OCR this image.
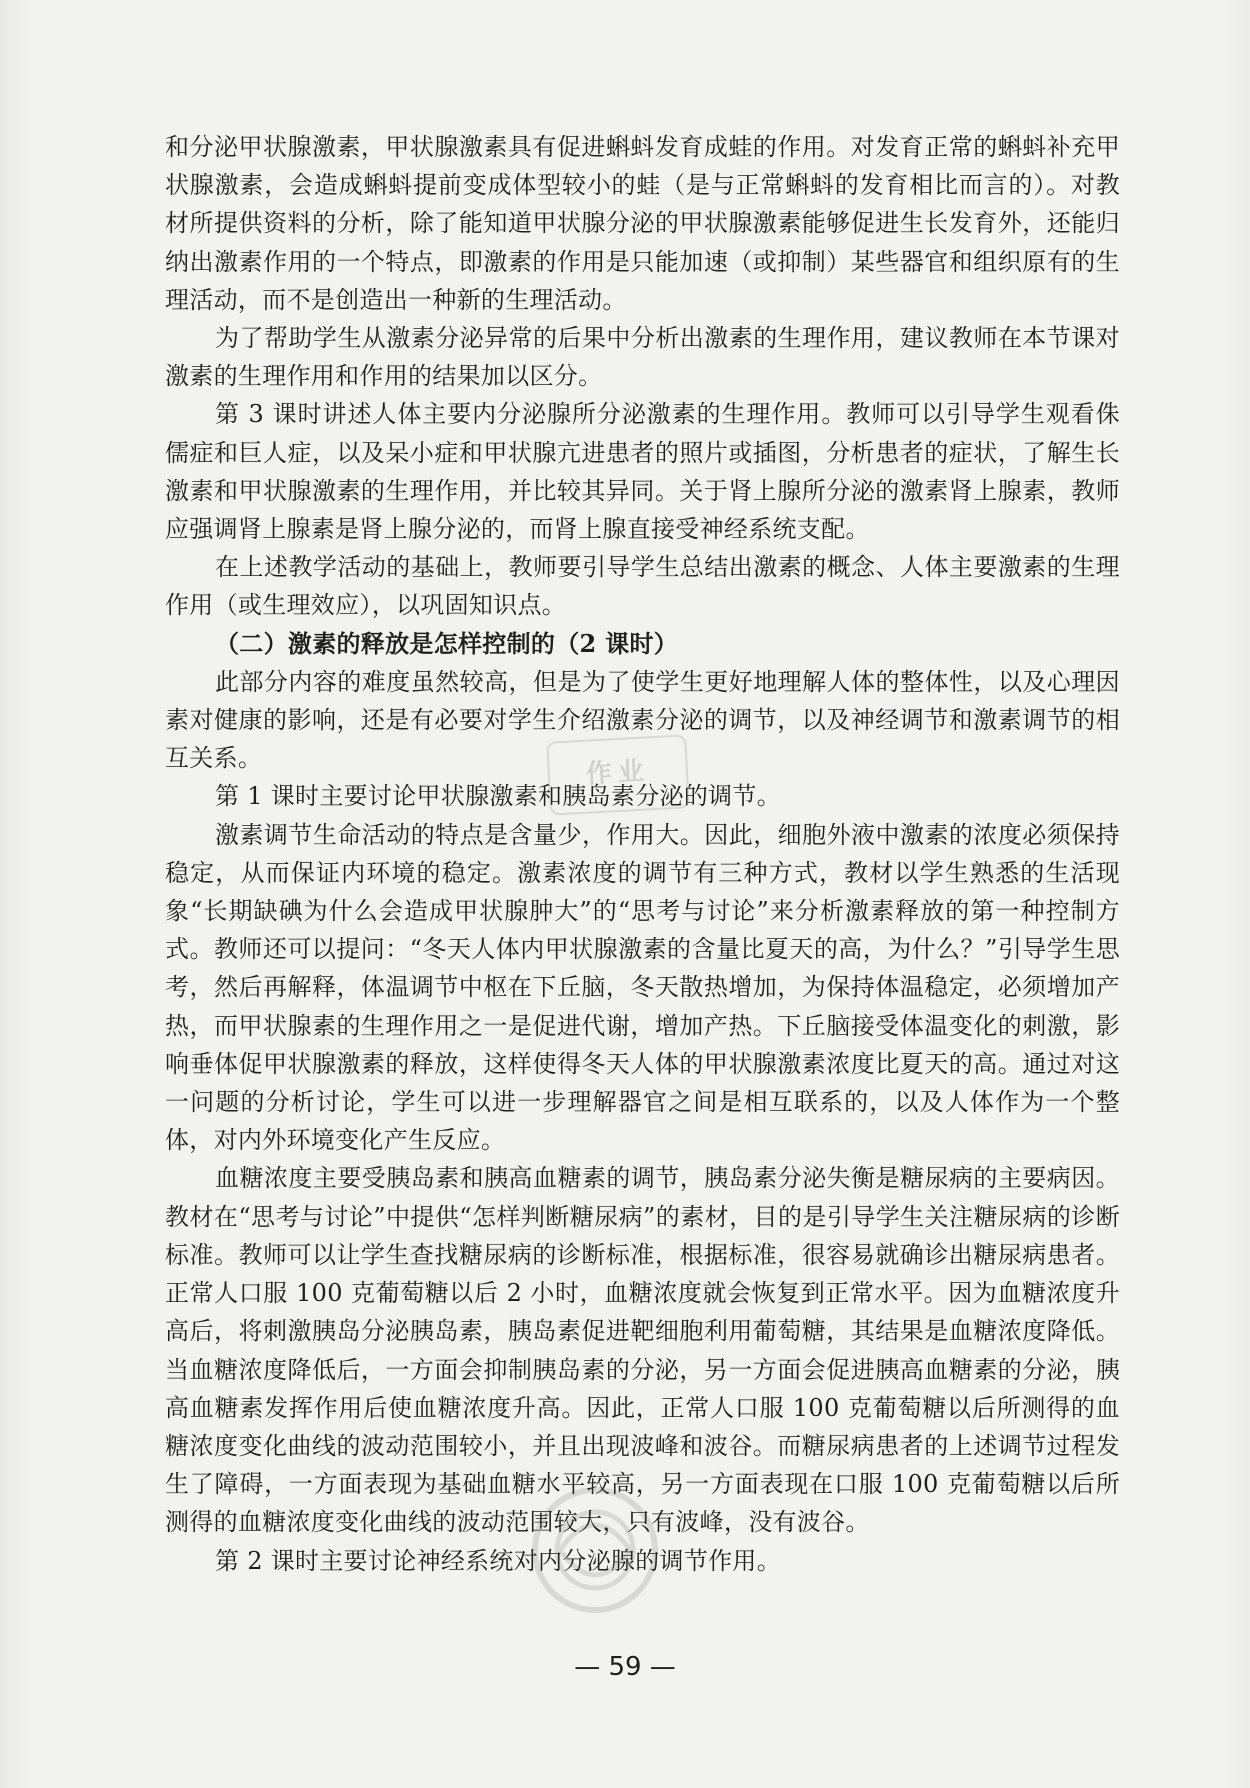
和分泌甲状腺激素，甲状腺激素具有促进蝌蚪发育成蛙的作用。对发育正常的蝌蚪补充甲状腺激素，会造成蝌蚪提前变成体型较小的蛙（是与正常蝌蚪的发育相比而言的）。对教材所提供资料的分析，除了能知道甲状腺分泌的甲状腺激素能够促进生长发育外，还能归纳出激素作用的一个特点，即激素的作用是只能加速（或抑制）某些器官和组织原有的生理活动，而不是创造出一种新的生理活动。

为了帮助学生从激素分泌异常的后果中分析出激素的生理作用，建议教师在本节课对激素的生理作用和作用的结果加以区分。

第 3 课时讲述人体主要内分泌腺所分泌激素的生理作用。教师可以引导学生观看侏儒症和巨人症，以及呆小症和甲状腺亢进患者的照片或插图，分析患者的症状，了解生长激素和甲状腺激素的生理作用，并比较其异同。关于肾上腺所分泌的激素肾上腺素，教师应强调肾上腺素是肾上腺分泌的，而肾上腺直接受神经系统支配。

在上述教学活动的基础上，教师要引导学生总结出激素的概念、人体主要激素的生理作用（或生理效应），以巩固知识点。

（二）激素的释放是怎样控制的（2 课时）

此部分内容的难度虽然较高，但是为了使学生更好地理解人体的整体性，以及心理因素对健康的影响，还是有必要对学生介绍激素分泌的调节，以及神经调节和激素调节的相互关系。

第 1 课时主要讨论甲状腺激素和胰岛素分泌的调节。

激素调节生命活动的特点是含量少，作用大。因此，细胞外液中激素的浓度必须保持稳定，从而保证内环境的稳定。激素浓度的调节有三种方式，教材以学生熟悉的生活现象“长期缺碘为什么会造成甲状腺肿大”的“思考与讨论”来分析激素释放的第一种控制方式。教师还可以提问：“冬天人体内甲状腺激素的含量比夏天的高，为什么？”引导学生思考，然后再解释，体温调节中枢在下丘脑，冬天散热增加，为保持体温稳定，必须增加产热，而甲状腺素的生理作用之一是促进代谢，增加产热。下丘脑接受体温变化的刺激，影响垂体促甲状腺激素的释放，这样使得冬天人体的甲状腺激素浓度比夏天的高。通过对这一问题的分析讨论，学生可以进一步理解器官之间是相互联系的，以及人体作为一个整体，对内外环境变化产生反应。

血糖浓度主要受胰岛素和胰高血糖素的调节，胰岛素分泌失衡是糖尿病的主要病因。教材在“思考与讨论”中提供“怎样判断糖尿病”的素材，目的是引导学生关注糖尿病的诊断标准。教师可以让学生查找糖尿病的诊断标准，根据标准，很容易就确诊出糖尿病患者。正常人口服 100 克葡萄糖以后 2 小时，血糖浓度就会恢复到正常水平。因为血糖浓度升高后，将刺激胰岛分泌胰岛素，胰岛素促进靶细胞利用葡萄糖，其结果是血糖浓度降低。当血糖浓度降低后，一方面会抑制胰岛素的分泌，另一方面会促进胰高血糖素的分泌，胰高血糖素发挥作用后使血糖浓度升高。因此，正常人口服 100 克葡萄糖以后所测得的血糖浓度变化曲线的波动范围较小，并且出现波峰和波谷。而糖尿病患者的上述调节过程发生了障碍，一方面表现为基础血糖水平较高，另一方面表现在口服 100 克葡萄糖以后所测得的血糖浓度变化曲线的波动范围较大，只有波峰，没有波谷。

第 2 课时主要讨论神经系统对内分泌腺的调节作用。

作业
— 59 —
